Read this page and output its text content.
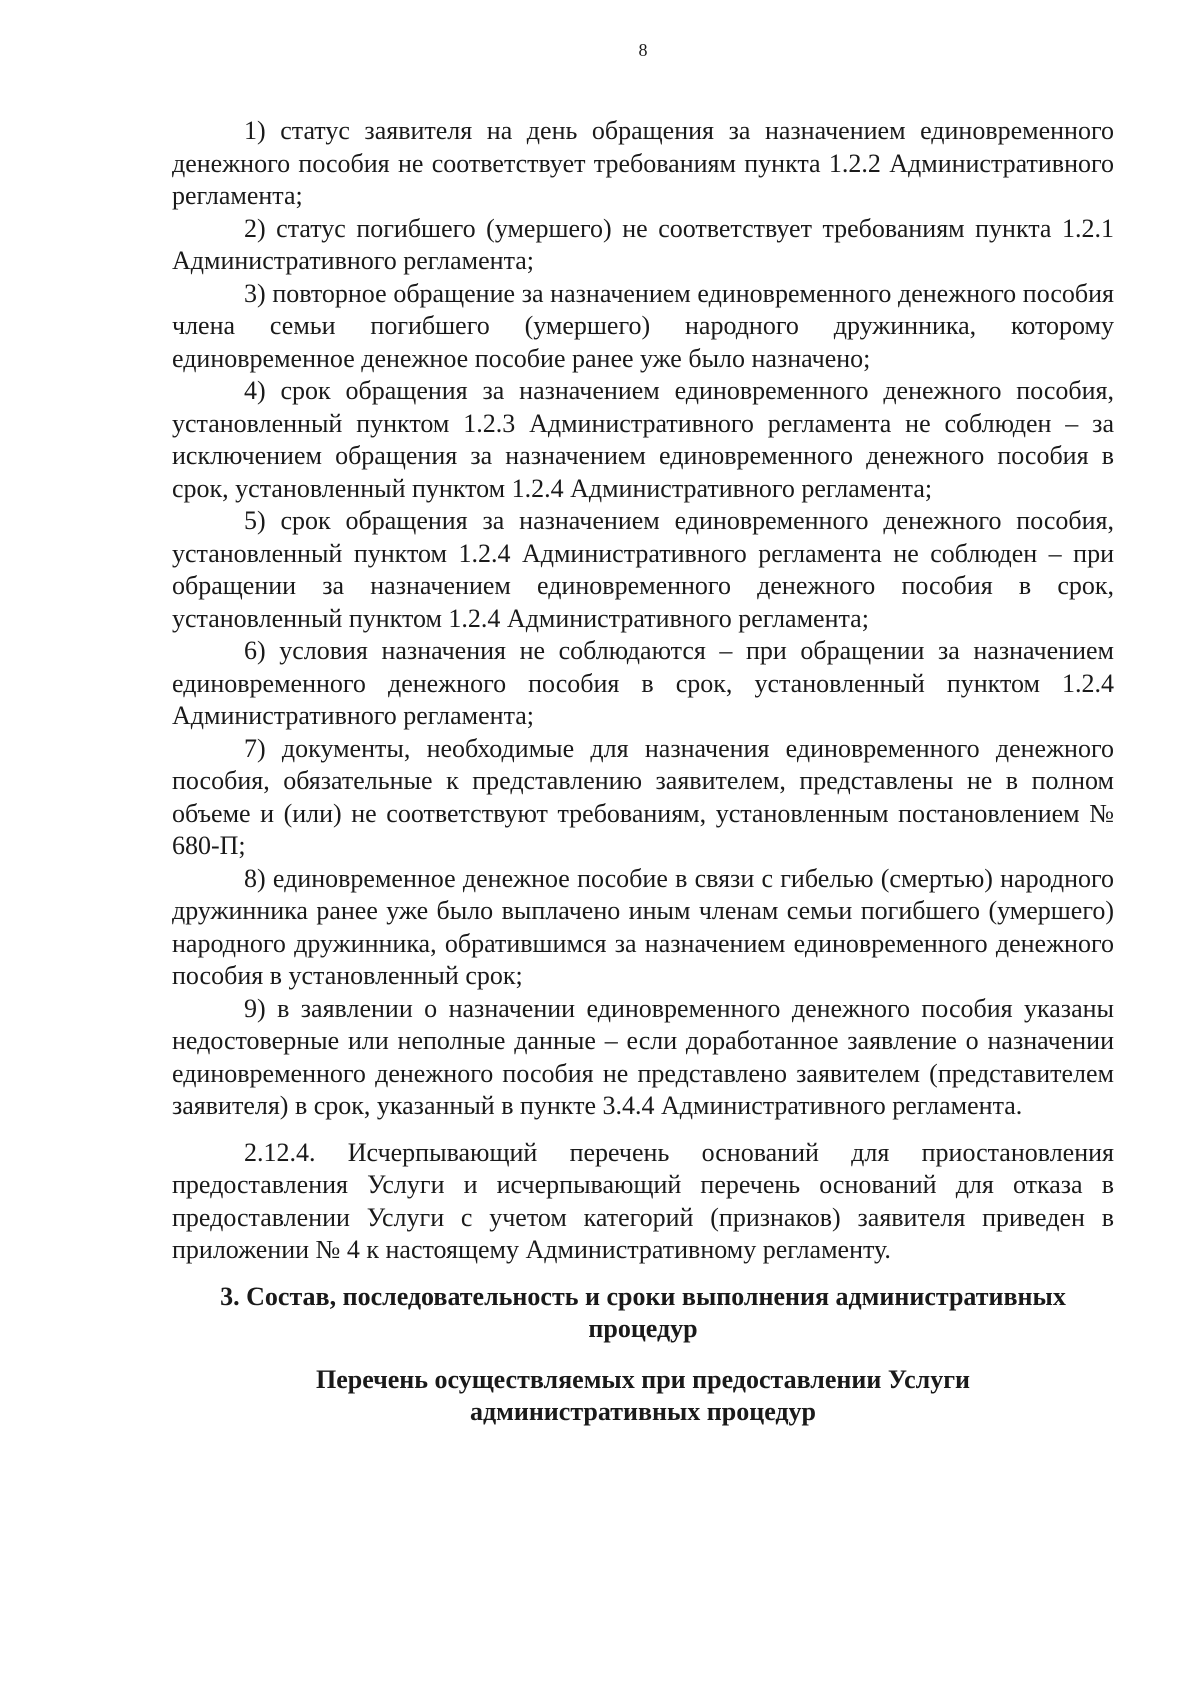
8

1) статус заявителя на день обращения за назначением единовременного денежного пособия не соответствует требованиям пункта 1.2.2 Административного регламента;

2) статус погибшего (умершего) не соответствует требованиям пункта 1.2.1 Административного регламента;

3) повторное обращение за назначением единовременного денежного пособия члена семьи погибшего (умершего) народного дружинника, которому единовременное денежное пособие ранее уже было назначено;

4) срок обращения за назначением единовременного денежного пособия, установленный пунктом 1.2.3 Административного регламента не соблюден – за исключением обращения за назначением единовременного денежного пособия в срок, установленный пунктом 1.2.4 Административного регламента;

5) срок обращения за назначением единовременного денежного пособия, установленный пунктом 1.2.4 Административного регламента не соблюден – при обращении за назначением единовременного денежного пособия в срок, установленный пунктом 1.2.4 Административного регламента;

6) условия назначения не соблюдаются – при обращении за назначением единовременного денежного пособия в срок, установленный пунктом 1.2.4 Административного регламента;

7) документы, необходимые для назначения единовременного денежного пособия, обязательные к представлению заявителем, представлены не в полном объеме и (или) не соответствуют требованиям, установленным постановлением № 680-П;

8) единовременное денежное пособие в связи с гибелью (смертью) народного дружинника ранее уже было выплачено иным членам семьи погибшего (умершего) народного дружинника, обратившимся за назначением единовременного денежного пособия в установленный срок;

9) в заявлении о назначении единовременного денежного пособия указаны недостоверные или неполные данные – если доработанное заявление о назначении единовременного денежного пособия не представлено заявителем (представителем заявителя) в срок, указанный в пункте 3.4.4 Административного регламента.

2.12.4. Исчерпывающий перечень оснований для приостановления предоставления Услуги и исчерпывающий перечень оснований для отказа в предоставлении Услуги с учетом категорий (признаков) заявителя приведен в приложении № 4 к настоящему Административному регламенту.

3. Состав, последовательность и сроки выполнения административных процедур

Перечень осуществляемых при предоставлении Услуги административных процедур
